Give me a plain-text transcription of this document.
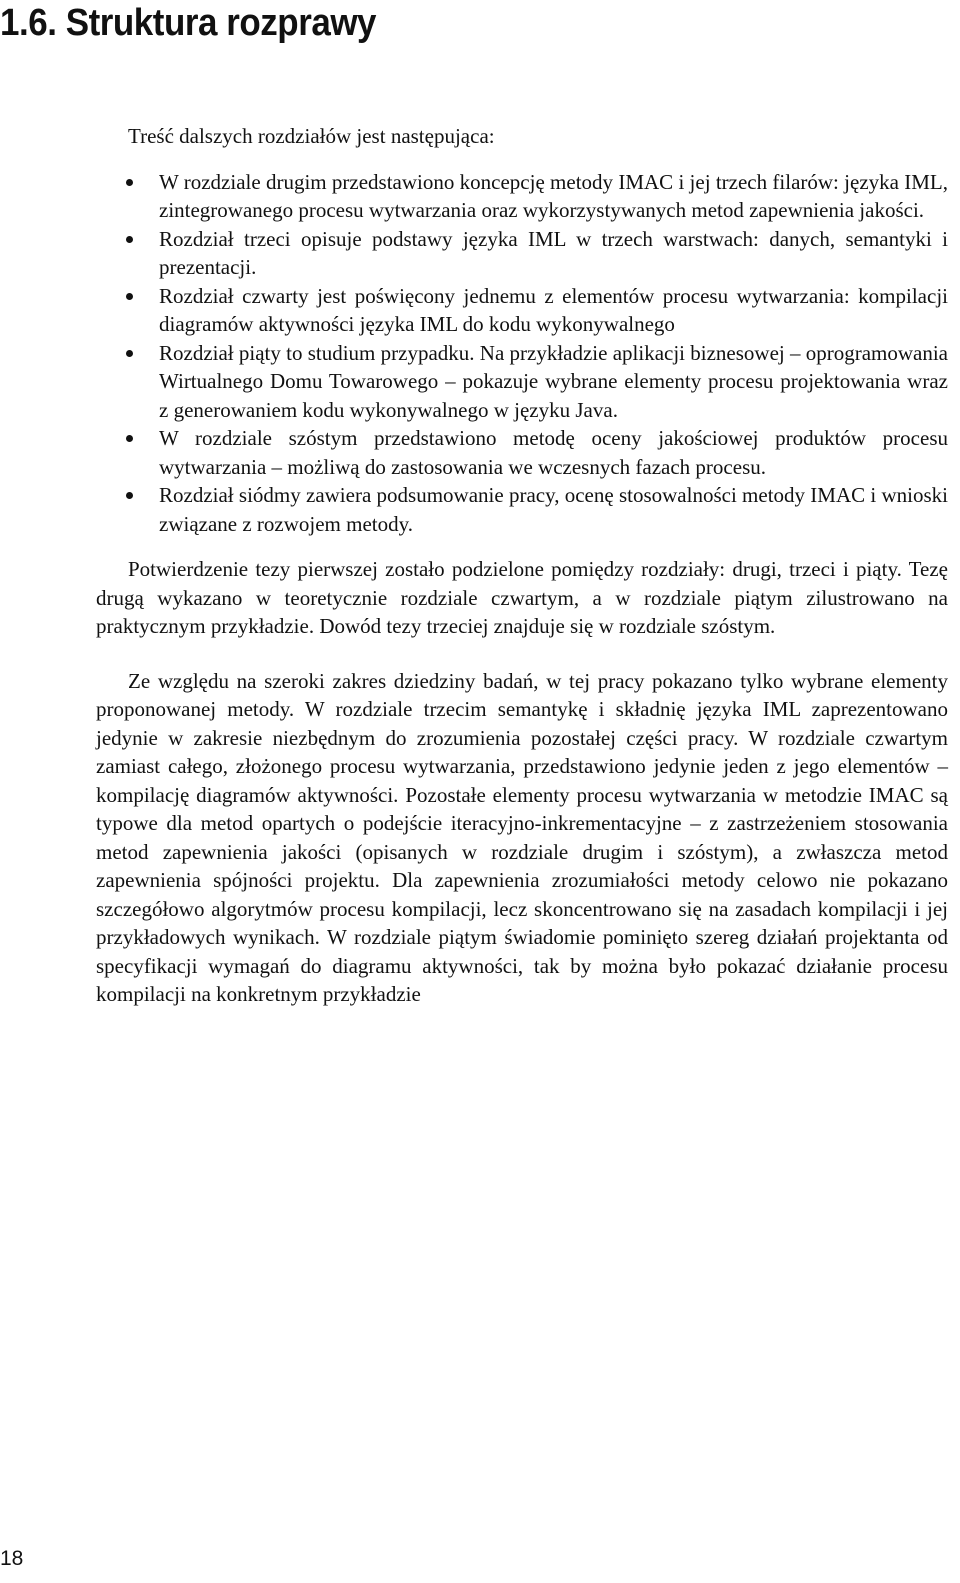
1.6. Struktura rozprawy

Treść dalszych rozdziałów jest następująca:

W rozdziale drugim przedstawiono koncepcję metody IMAC i jej trzech filarów: języka IML, zintegrowanego procesu wytwarzania oraz wykorzystywanych metod zapewnienia jakości.
Rozdział trzeci opisuje podstawy języka IML w trzech warstwach: danych, semantyki i prezentacji.
Rozdział czwarty jest poświęcony jednemu z elementów procesu wytwarzania: kompilacji diagramów aktywności języka IML do kodu wykonywalnego
Rozdział piąty to studium przypadku. Na przykładzie aplikacji biznesowej – oprogramowania Wirtualnego Domu Towarowego – pokazuje wybrane elementy procesu projektowania wraz z generowaniem kodu wykonywalnego w języku Java.
W rozdziale szóstym przedstawiono metodę oceny jakościowej produktów procesu wytwarzania – możliwą do zastosowania we wczesnych fazach procesu.
Rozdział siódmy zawiera podsumowanie pracy, ocenę stosowalności metody IMAC i wnioski związane z rozwojem metody.

Potwierdzenie tezy pierwszej zostało podzielone pomiędzy rozdziały: drugi, trzeci i piąty. Tezę drugą wykazano w teoretycznie rozdziale czwartym, a w rozdziale piątym zilustrowano na praktycznym przykładzie. Dowód tezy trzeciej znajduje się w rozdziale szóstym.

Ze względu na szeroki zakres dziedziny badań, w tej pracy pokazano tylko wybrane elementy proponowanej metody. W rozdziale trzecim semantykę i składnię języka IML zaprezentowano jedynie w zakresie niezbędnym do zrozumienia pozostałej części pracy. W rozdziale czwartym zamiast całego, złożonego procesu wytwarzania, przedstawiono jedynie jeden z jego elementów – kompilację diagramów aktywności. Pozostałe elementy procesu wytwarzania w metodzie IMAC są typowe dla metod opartych o podejście iteracyjno-inkrementacyjne – z zastrzeżeniem stosowania metod zapewnienia jakości (opisanych w rozdziale drugim i szóstym), a zwłaszcza metod zapewnienia spójności projektu. Dla zapewnienia zrozumiałości metody celowo nie pokazano szczegółowo algorytmów procesu kompilacji, lecz skoncentrowano się na zasadach kompilacji i jej przykładowych wynikach. W rozdziale piątym świadomie pominięto szereg działań projektanta od specyfikacji wymagań do diagramu aktywności, tak by można było pokazać działanie procesu kompilacji na konkretnym przykładzie

18
